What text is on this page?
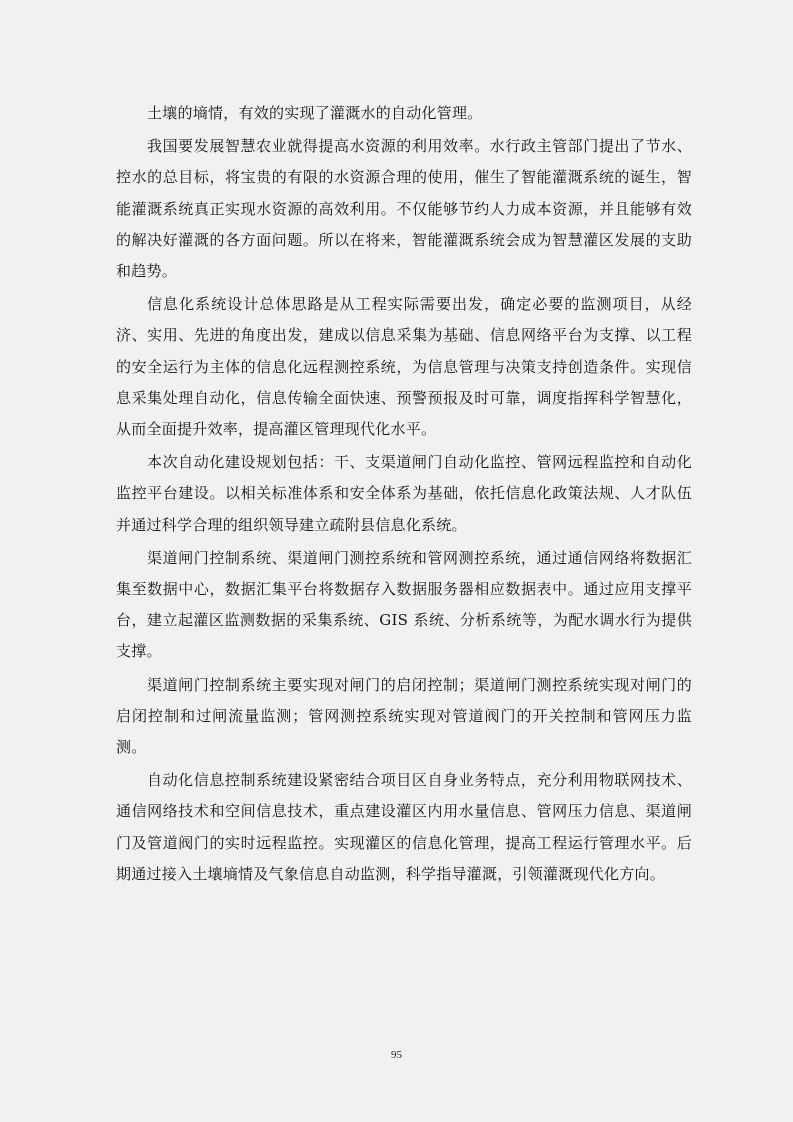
土壤的墒情，有效的实现了灌溉水的自动化管理。

我国要发展智慧农业就得提高水资源的利用效率。水行政主管部门提出了节水、控水的总目标，将宝贵的有限的水资源合理的使用，催生了智能灌溉系统的诞生，智能灌溉系统真正实现水资源的高效利用。不仅能够节约人力成本资源，并且能够有效的解决好灌溉的各方面问题。所以在将来，智能灌溉系统会成为智慧灌区发展的支助和趋势。

信息化系统设计总体思路是从工程实际需要出发，确定必要的监测项目，从经济、实用、先进的角度出发，建成以信息采集为基础、信息网络平台为支撑、以工程的安全运行为主体的信息化远程测控系统，为信息管理与决策支持创造条件。实现信息采集处理自动化，信息传输全面快速、预警预报及时可靠，调度指挥科学智慧化，从而全面提升效率，提高灌区管理现代化水平。

本次自动化建设规划包括：干、支渠道闸门自动化监控、管网远程监控和自动化监控平台建设。以相关标准体系和安全体系为基础，依托信息化政策法规、人才队伍并通过科学合理的组织领导建立疏附县信息化系统。

渠道闸门控制系统、渠道闸门测控系统和管网测控系统，通过通信网络将数据汇集至数据中心，数据汇集平台将数据存入数据服务器相应数据表中。通过应用支撑平台，建立起灌区监测数据的采集系统、GIS 系统、分析系统等，为配水调水行为提供支撑。

渠道闸门控制系统主要实现对闸门的启闭控制；渠道闸门测控系统实现对闸门的启闭控制和过闸流量监测；管网测控系统实现对管道阀门的开关控制和管网压力监测。

自动化信息控制系统建设紧密结合项目区自身业务特点，充分利用物联网技术、通信网络技术和空间信息技术，重点建设灌区内用水量信息、管网压力信息、渠道闸门及管道阀门的实时远程监控。实现灌区的信息化管理，提高工程运行管理水平。后期通过接入土壤墒情及气象信息自动监测，科学指导灌溉，引领灌溉现代化方向。

95
